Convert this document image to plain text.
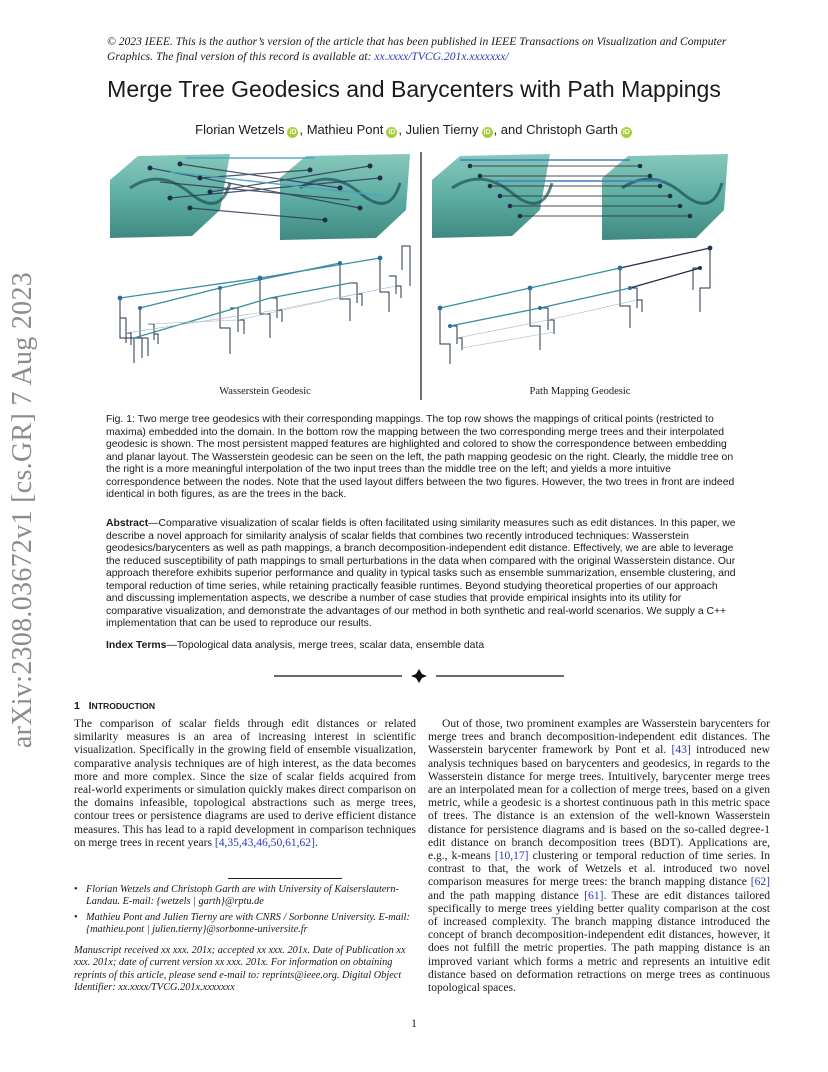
arXiv:2308.03672v1 [cs.GR] 7 Aug 2023
© 2023 IEEE. This is the author’s version of the article that has been published in IEEE Transactions on Visualization and Computer Graphics. The final version of this record is available at: xx.xxxx/TVCG.201x.xxxxxxx/
Merge Tree Geodesics and Barycenters with Path Mappings
Florian Wetzels iD , Mathieu Pont iD , Julien Tierny iD , and Christoph Garth iD
Wasserstein Geodesic	Path Mapping Geodesic
Fig. 1: Two merge tree geodesics with their corresponding mappings. The top row shows the mappings of critical points (restricted to maxima) embedded into the domain. In the bottom row the mapping between the two corresponding merge trees and their interpolated geodesic is shown. The most persistent mapped features are highlighted and colored to show the correspondence between embedding and planar layout. The Wasserstein geodesic can be seen on the left, the path mapping geodesic on the right. Clearly, the middle tree on the right is a more meaningful interpolation of the two input trees than the middle tree on the left; and yields a more intuitive correspondence between the nodes. Note that the used layout differs between the two figures. However, the two trees in front are indeed identical in both figures, as are the trees in the back.
Abstract—Comparative visualization of scalar fields is often facilitated using similarity measures such as edit distances. In this paper, we describe a novel approach for similarity analysis of scalar fields that combines two recently introduced techniques: Wasserstein geodesics/barycenters as well as path mappings, a branch decomposition-independent edit distance. Effectively, we are able to leverage the reduced susceptibility of path mappings to small perturbations in the data when compared with the original Wasserstein distance. Our approach therefore exhibits superior performance and quality in typical tasks such as ensemble summarization, ensemble clustering, and temporal reduction of time series, while retaining practically feasible runtimes. Beyond studying theoretical properties of our approach and discussing implementation aspects, we describe a number of case studies that provide empirical insights into its utility for comparative visualization, and demonstrate the advantages of our method in both synthetic and real-world scenarios. We supply a C++ implementation that can be used to reproduce our results.
Index Terms—Topological data analysis, merge trees, scalar data, ensemble data
1 INTRODUCTION

The comparison of scalar fields through edit distances or related similarity measures is an area of increasing interest in scientific visualization. Specifically in the growing field of ensemble visualization, comparative analysis techniques are of high interest, as the data becomes more and more complex. Since the size of scalar fields acquired from real-world experiments or simulation quickly makes direct comparison on the domains infeasible, topological abstractions such as merge trees, contour trees or persistence diagrams are used to derive efficient distance measures. This has lead to a rapid development in comparison techniques on merge trees in recent years [4,35,43,46,50,61,62].

• Florian Wetzels and Christoph Garth are with University of Kaiserslautern-Landau. E-mail: {wetzels | garth}@rptu.de
• Mathieu Pont and Julien Tierny are with CNRS / Sorbonne University. E-mail: {mathieu.pont | julien.tierny}@sorbonne-universite.fr
Manuscript received xx xxx. 201x; accepted xx xxx. 201x. Date of Publication xx xxx. 201x; date of current version xx xxx. 201x. For information on obtaining reprints of this article, please send e-mail to: reprints@ieee.org. Digital Object Identifier: xx.xxxx/TVCG.201x.xxxxxxx

Out of those, two prominent examples are Wasserstein barycenters for merge trees and branch decomposition-independent edit distances. The Wasserstein barycenter framework by Pont et al. [43] introduced new analysis techniques based on barycenters and geodesics, in regards to the Wasserstein distance for merge trees. Intuitively, barycenter merge trees are an interpolated mean for a collection of merge trees, based on a given metric, while a geodesic is a shortest continuous path in this metric space of trees. The distance is an extension of the well-known Wasserstein distance for persistence diagrams and is based on the so-called degree-1 edit distance on branch decomposition trees (BDT). Applications are, e.g., k-means [10,17] clustering or temporal reduction of time series. In contrast to that, the work of Wetzels et al. introduced two novel comparison measures for merge trees: the branch mapping distance [62] and the path mapping distance [61]. These are edit distances tailored specifically to merge trees yielding better quality comparison at the cost of increased complexity. The branch mapping distance introduced the concept of branch decomposition-independent edit distances, however, it does not fulfill the metric properties. The path mapping distance is an improved variant which forms a metric and represents an intuitive edit distance based on deformation retractions on merge trees as continuous topological spaces.

1
